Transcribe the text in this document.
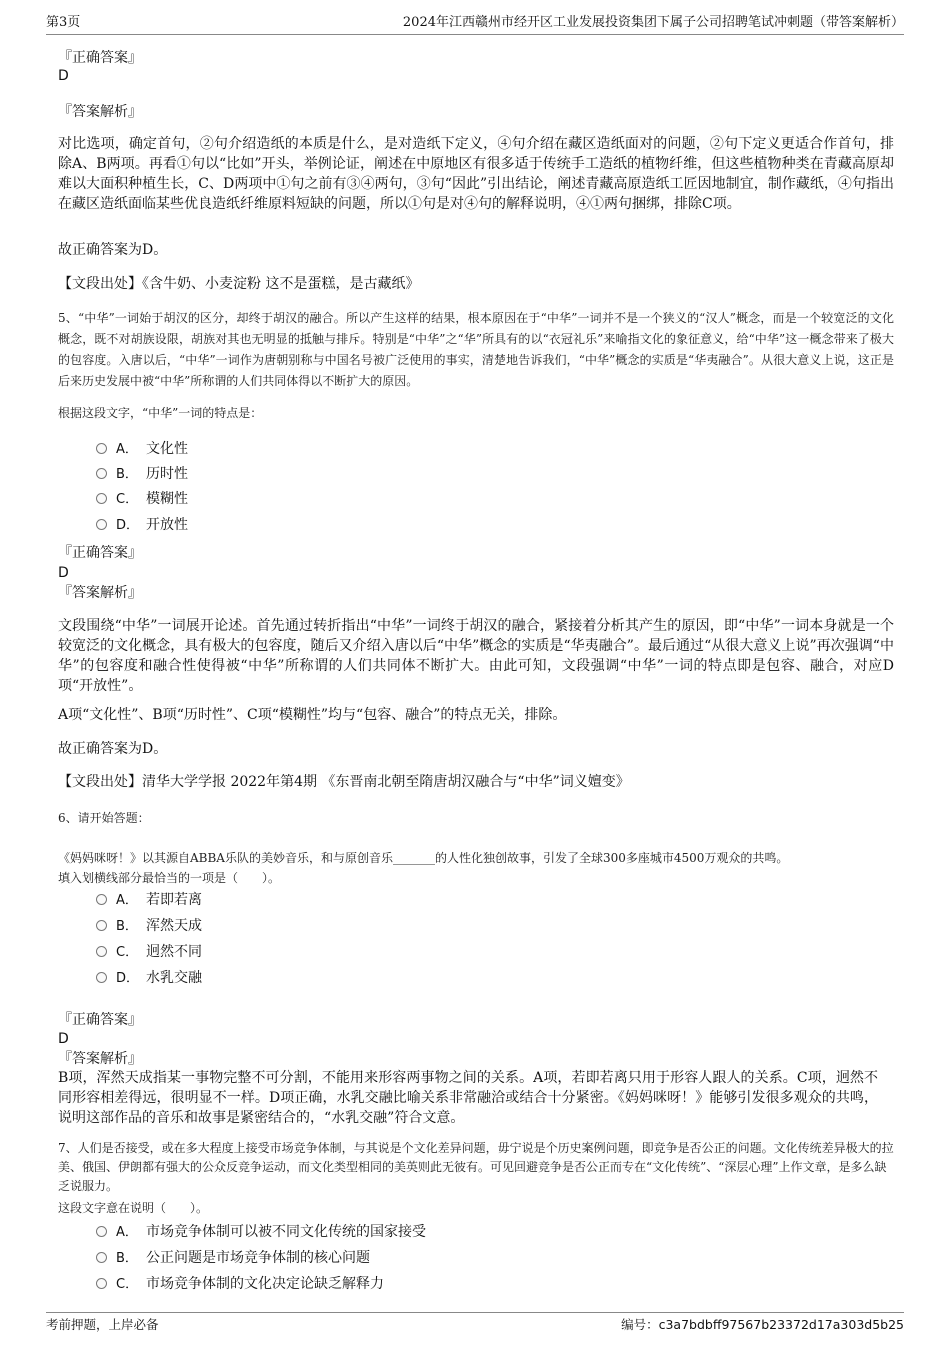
第3页	2024年江西赣州市经开区工业发展投资集团下属子公司招聘笔试冲刺题（带答案解析）
『正确答案』
D
『答案解析』
对比选项，确定首句，②句介绍造纸的本质是什么，是对造纸下定义，④句介绍在藏区造纸面对的问题，②句下定义更适合作首句，排除A、B两项。再看①句以“比如”开头，举例论证，阐述在中原地区有很多适于传统手工造纸的植物纤维，但这些植物种类在青藏高原却难以大面积种植生长，C、D两项中①句之前有③④两句，③句“因此”引出结论，阐述青藏高原造纸工匠因地制宜，制作藏纸，④句指出在藏区造纸面临某些优良造纸纤维原料短缺的问题，所以①句是对④句的解释说明，④①两句捆绑，排除C项。
故正确答案为D。
【文段出处】《含牛奶、小麦淀粉 这不是蛋糕，是古藏纸》
5、“中华”一词始于胡汉的区分，却终于胡汉的融合。所以产生这样的结果，根本原因在于“中华”一词并不是一个狭义的“汉人”概念，而是一个较宽泛的文化概念，既不对胡族设限，胡族对其也无明显的抵触与排斥。特别是“中华”之“华”所具有的以“衣冠礼乐”来喻指文化的象征意义，给“中华”这一概念带来了极大的包容度。入唐以后，“中华”一词作为唐朝别称与中国名号被广泛使用的事实，清楚地告诉我们，“中华”概念的实质是“华夷融合”。从很大意义上说，这正是后来历史发展中被“中华”所称谓的人们共同体得以不断扩大的原因。
根据这段文字，“中华”一词的特点是：
A． 文化性
B． 历时性
C． 模糊性
D． 开放性
『正确答案』
D
『答案解析』
文段围绕“中华”一词展开论述。首先通过转折指出“中华”一词终于胡汉的融合，紧接着分析其产生的原因，即“中华”一词本身就是一个较宽泛的文化概念，具有极大的包容度，随后又介绍入唐以后“中华”概念的实质是“华夷融合”。最后通过“从很大意义上说”再次强调“中华”的包容度和融合性使得被“中华”所称谓的人们共同体不断扩大。由此可知，文段强调“中华”一词的特点即是包容、融合，对应D项“开放性”。
A项“文化性”、B项“历时性”、C项“模糊性”均与“包容、融合”的特点无关，排除。
故正确答案为D。
【文段出处】清华大学学报 2022年第4期 《东晋南北朝至隋唐胡汉融合与“中华”词义嬗变》
6、请开始答题：
《妈妈咪呀！》以其源自ABBA乐队的美妙音乐，和与原创音乐_______的人性化独创故事，引发了全球300多座城市4500万观众的共鸣。
填入划横线部分最恰当的一项是（　　）。
A． 若即若离
B． 浑然天成
C． 迥然不同
D． 水乳交融
『正确答案』
D
『答案解析』
B项，浑然天成指某一事物完整不可分割，不能用来形容两事物之间的关系。A项，若即若离只用于形容人跟人的关系。C项，迥然不同形容相差得远，很明显不一样。D项正确，水乳交融比喻关系非常融洽或结合十分紧密。《妈妈咪呀！》能够引发很多观众的共鸣，说明这部作品的音乐和故事是紧密结合的，“水乳交融”符合文意。
7、人们是否接受，或在多大程度上接受市场竞争体制，与其说是个文化差异问题，毋宁说是个历史案例问题，即竞争是否公正的问题。文化传统差异极大的拉美、俄国、伊朗都有强大的公众反竞争运动，而文化类型相同的美英则此无彼有。可见回避竞争是否公正而专在“文化传统”、“深层心理”上作文章，是多么缺乏说服力。
这段文字意在说明（　　）。
A． 市场竞争体制可以被不同文化传统的国家接受
B． 公正问题是市场竞争体制的核心问题
C． 市场竞争体制的文化决定论缺乏解释力
考前押题，上岸必备	编号：c3a7bdbff97567b23372d17a303d5b25
